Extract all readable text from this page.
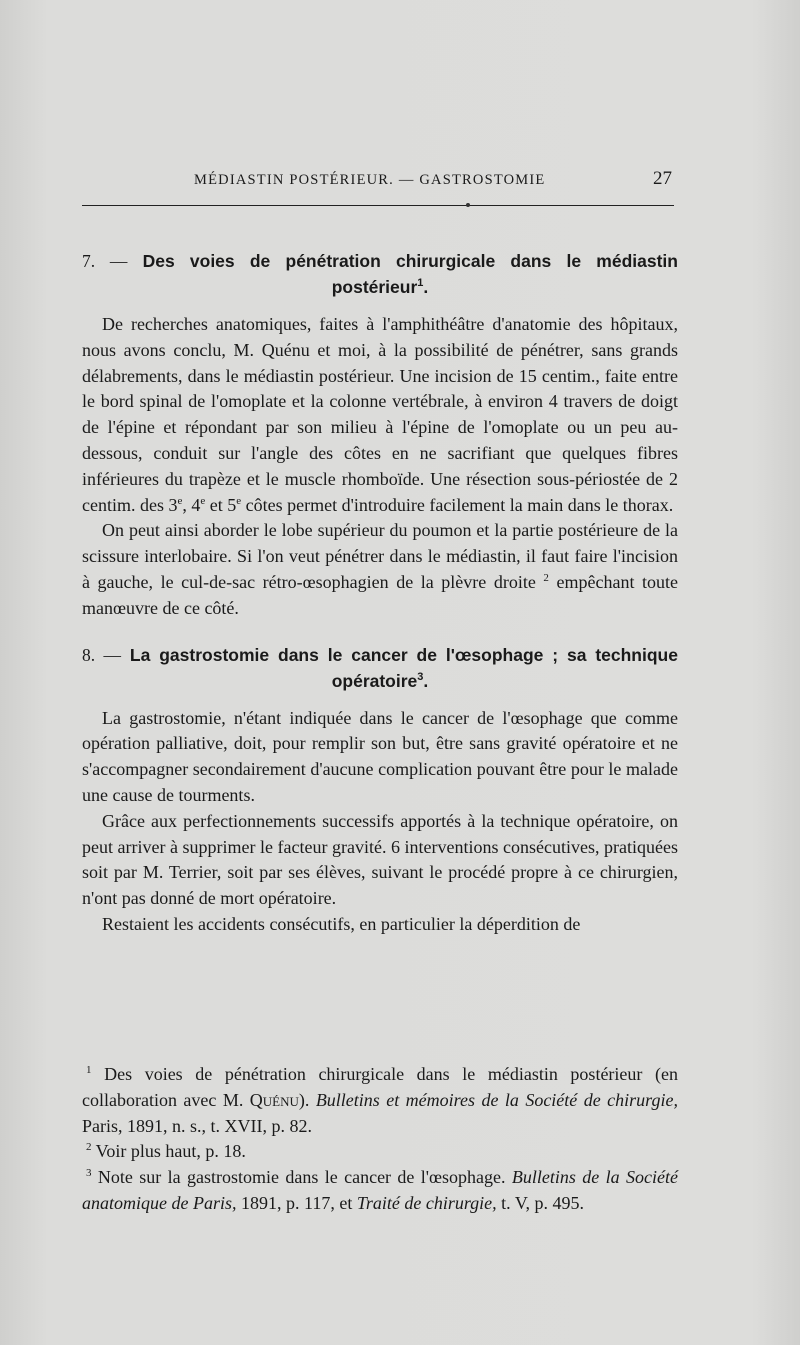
MÉDIASTIN POSTÉRIEUR. — GASTROSTOMIE	27
7. — Des voies de pénétration chirurgicale dans le médiastin postérieur$^1$.

De recherches anatomiques, faites à l'amphithéâtre d'anatomie des hôpitaux, nous avons conclu, M. Quénu et moi, à la possibilité de pénétrer, sans grands délabrements, dans le médiastin postérieur. Une incision de 15 centim., faite entre le bord spinal de l'omoplate et la colonne vertébrale, à environ 4 travers de doigt de l'épine et répondant par son milieu à l'épine de l'omoplate ou un peu au-dessous, conduit sur l'angle des côtes en ne sacrifiant que quelques fibres inférieures du trapèze et le muscle rhomboïde. Une résection sous-périostée de 2 centim. des 3e, 4e et 5e côtes permet d'introduire facilement la main dans le thorax.

On peut ainsi aborder le lobe supérieur du poumon et la partie postérieure de la scissure interlobaire. Si l'on veut pénétrer dans le médiastin, il faut faire l'incision à gauche, le cul-de-sac rétro-œsophagien de la plèvre droite $^2$ empêchant toute manœuvre de ce côté.

8. — La gastrostomie dans le cancer de l'œsophage ; sa technique opératoire$^3$.

La gastrostomie, n'étant indiquée dans le cancer de l'œsophage que comme opération palliative, doit, pour remplir son but, être sans gravité opératoire et ne s'accompagner secondairement d'aucune complication pouvant être pour le malade une cause de tourments.

Grâce aux perfectionnements successifs apportés à la technique opératoire, on peut arriver à supprimer le facteur gravité. 6 interventions consécutives, pratiquées soit par M. Terrier, soit par ses élèves, suivant le procédé propre à ce chirurgien, n'ont pas donné de mort opératoire.

Restaient les accidents consécutifs, en particulier la déperdition de

$^1$ Des voies de pénétration chirurgicale dans le médiastin postérieur (en collaboration avec M. Quénu). Bulletins et mémoires de la Société de chirurgie, Paris, 1891, n. s., t. XVII, p. 82.

$^2$ Voir plus haut, p. 18.

$^3$ Note sur la gastrostomie dans le cancer de l'œsophage. Bulletins de la Société anatomique de Paris, 1891, p. 117, et Traité de chirurgie, t. V, p. 495.
